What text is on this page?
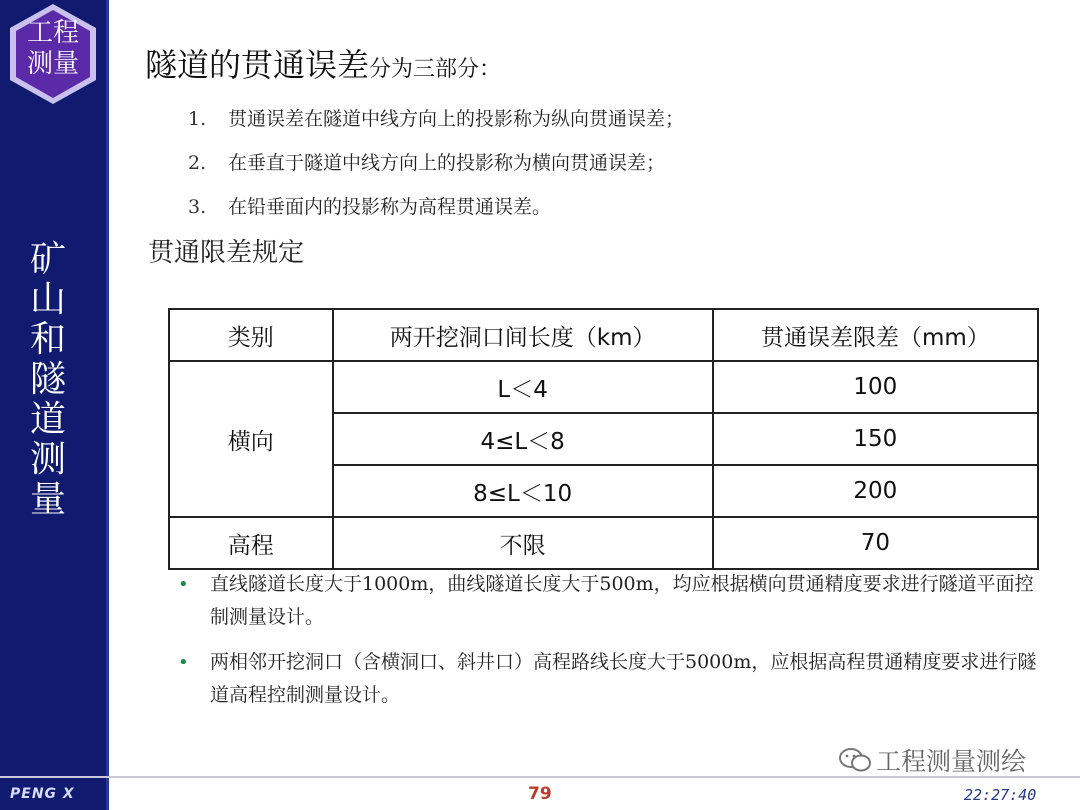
工程
测量
矿
山
和
隧
道
测
量
隧道的贯通误差分为三部分：
1. 贯通误差在隧道中线方向上的投影称为纵向贯通误差；
2. 在垂直于隧道中线方向上的投影称为横向贯通误差；
3. 在铅垂面内的投影称为高程贯通误差。
贯通限差规定
类别	两开挖洞口间长度（km）	贯通误差限差（mm）
横向	L＜4	100
	4≤L＜8	150
	8≤L＜10	200
高程	不限	70
•	直线隧道长度大于1000m，曲线隧道长度大于500m，均应根据横向贯通精度要求进行隧道平面控制测量设计。
•	两相邻开挖洞口（含横洞口、斜井口）高程路线长度大于5000m，应根据高程贯通精度要求进行隧道高程控制测量设计。
工程测量测绘
PENG X	79	22:27:40
